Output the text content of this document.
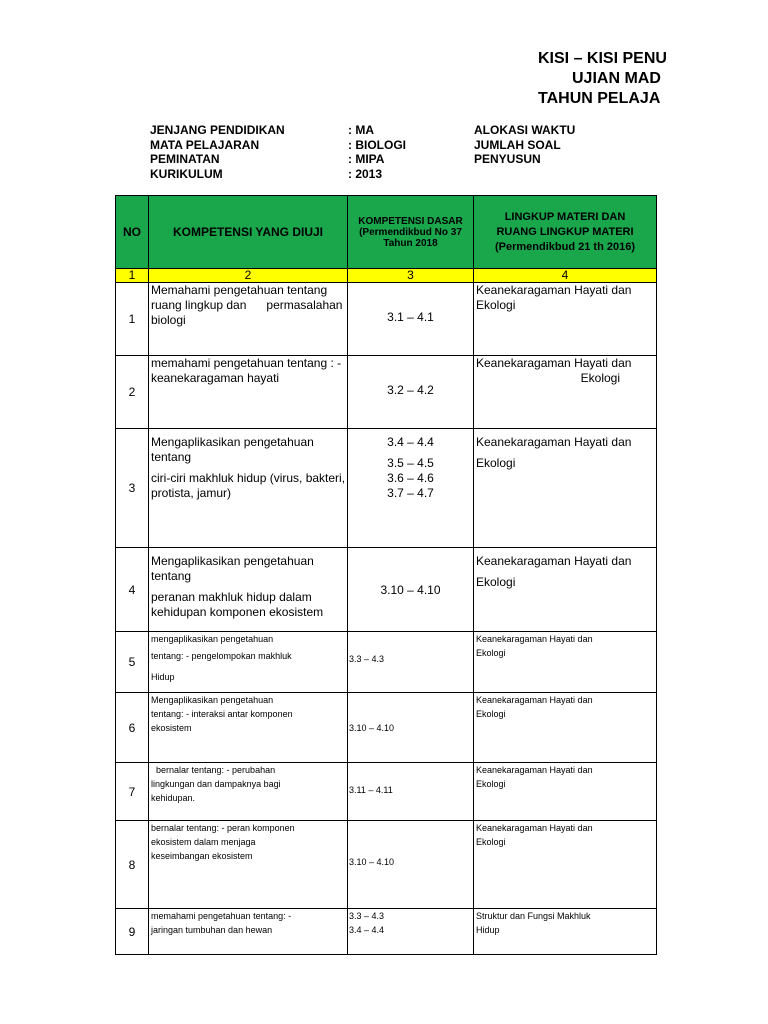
KISI – KISI PENU
UJIAN MAD
TAHUN PELAJA
JENJANG PENDIDIKAN	: MA	ALOKASI WAKTU
MATA PELAJARAN	: BIOLOGI	JUMLAH SOAL
PEMINATAN	: MIPA	PENYUSUN
KURIKULUM	: 2013
NO	KOMPETENSI YANG DIUJI	KOMPETENSI DASAR
(Permendikbud No 37
Tahun 2018	LINGKUP MATERI DAN
RUANG LINGKUP MATERI
(Permendikbud 21 th 2016)

1	2	3	4
1	Memahami pengetahuan tentang
ruang lingkup dan      permasalahan
biologi	3.1 – 4.1	Keanekaragaman Hayati dan
Ekologi

2	memahami pengetahuan tentang : -
keanekaragaman hayati	3.2 – 4.2	Keanekaragaman Hayati dan
Ekologi

3	Mengaplikasikan pengetahuan tentang
ciri-ciri makhluk hidup (virus, bakteri,
protista, jamur)	3.4 – 4.4
3.5 – 4.5
3.6 – 4.6
3.7 – 4.7	Keanekaragaman Hayati dan
Ekologi

4	Mengaplikasikan pengetahuan tentang
peranan makhluk hidup dalam
kehidupan komponen ekosistem	3.10 – 4.10	Keanekaragaman Hayati dan
Ekologi

5	mengaplikasikan pengetahuan
tentang: - pengelompokan makhluk
Hidup	3.3 – 4.3	Keanekaragaman Hayati dan
Ekologi

6	Mengaplikasikan pengetahuan
tentang: - interaksi antar komponen
ekosistem	3.10 – 4.10	Keanekaragaman Hayati dan
Ekologi

7	bernalar tentang: - perubahan
lingkungan dan dampaknya bagi
kehidupan.	3.11 – 4.11	Keanekaragaman Hayati dan
Ekologi

8	bernalar tentang: - peran komponen
ekosistem dalam menjaga
keseimbangan ekosistem	3.10 – 4.10	Keanekaragaman Hayati dan
Ekologi

9	memahami pengetahuan tentang: -
jaringan tumbuhan dan hewan	3.3 – 4.3
3.4 – 4.4	Struktur dan Fungsi Makhluk
Hidup
